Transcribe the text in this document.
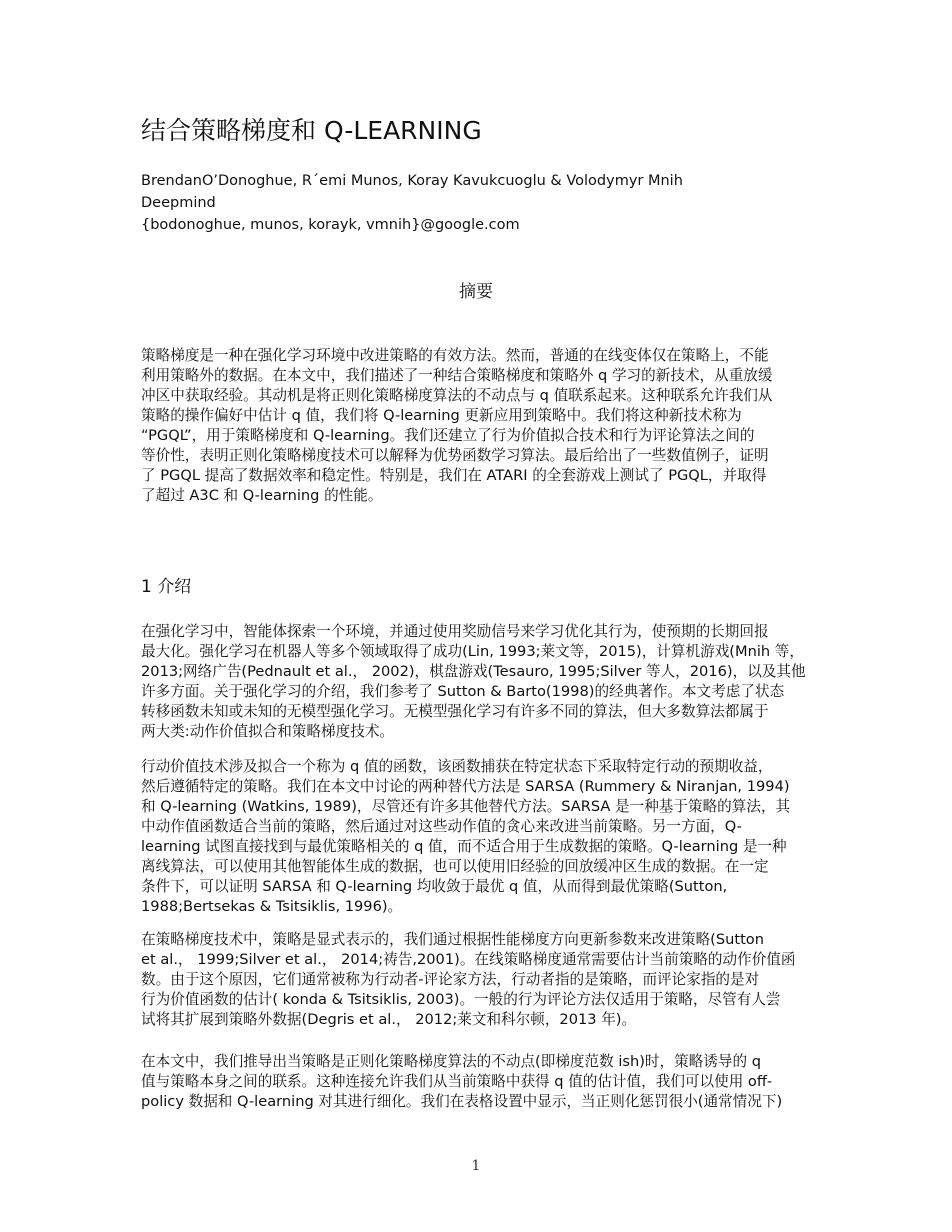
结合策略梯度和 Q-LEARNING
BrendanO’Donoghue, R´emi Munos, Koray Kavukcuoglu & Volodymyr Mnih
Deepmind
{bodonoghue, munos, korayk, vmnih}@google.com
摘要
策略梯度是一种在强化学习环境中改进策略的有效方法。然而，普通的在线变体仅在策略上，不能
利用策略外的数据。在本文中，我们描述了一种结合策略梯度和策略外 q 学习的新技术，从重放缓
冲区中获取经验。其动机是将正则化策略梯度算法的不动点与 q 值联系起来。这种联系允许我们从
策略的操作偏好中估计 q 值，我们将 Q-learning 更新应用到策略中。我们将这种新技术称为
“PGQL”，用于策略梯度和 Q-learning。我们还建立了行为价值拟合技术和行为评论算法之间的
等价性，表明正则化策略梯度技术可以解释为优势函数学习算法。最后给出了一些数值例子，证明
了 PGQL 提高了数据效率和稳定性。特别是，我们在 ATARI 的全套游戏上测试了 PGQL，并取得
了超过 A3C 和 Q-learning 的性能。
1 介绍
在强化学习中，智能体探索一个环境，并通过使用奖励信号来学习优化其行为，使预期的长期回报
最大化。强化学习在机器人等多个领域取得了成功(Lin, 1993;莱文等，2015)，计算机游戏(Mnih 等，
2013;网络广告(Pednault et al.， 2002)，棋盘游戏(Tesauro, 1995;Silver 等人，2016)，以及其他
许多方面。关于强化学习的介绍，我们参考了 Sutton & Barto(1998)的经典著作。本文考虑了状态
转移函数未知或未知的无模型强化学习。无模型强化学习有许多不同的算法，但大多数算法都属于
两大类:动作价值拟合和策略梯度技术。
行动价值技术涉及拟合一个称为 q 值的函数，该函数捕获在特定状态下采取特定行动的预期收益，
然后遵循特定的策略。我们在本文中讨论的两种替代方法是 SARSA (Rummery & Niranjan, 1994)
和 Q-learning (Watkins, 1989)，尽管还有许多其他替代方法。SARSA 是一种基于策略的算法，其
中动作值函数适合当前的策略，然后通过对这些动作值的贪心来改进当前策略。另一方面，Q-
learning 试图直接找到与最优策略相关的 q 值，而不适合用于生成数据的策略。Q-learning 是一种
离线算法，可以使用其他智能体生成的数据，也可以使用旧经验的回放缓冲区生成的数据。在一定
条件下，可以证明 SARSA 和 Q-learning 均收敛于最优 q 值，从而得到最优策略(Sutton,
1988;Bertsekas & Tsitsiklis, 1996)。
在策略梯度技术中，策略是显式表示的，我们通过根据性能梯度方向更新参数来改进策略(Sutton
et al.， 1999;Silver et al.， 2014;祷告,2001)。在线策略梯度通常需要估计当前策略的动作价值函
数。由于这个原因，它们通常被称为行动者-评论家方法，行动者指的是策略，而评论家指的是对
行为价值函数的估计( konda & Tsitsiklis, 2003)。一般的行为评论方法仅适用于策略，尽管有人尝
试将其扩展到策略外数据(Degris et al.， 2012;莱文和科尔顿，2013 年)。
在本文中，我们推导出当策略是正则化策略梯度算法的不动点(即梯度范数 ish)时，策略诱导的 q
值与策略本身之间的联系。这种连接允许我们从当前策略中获得 q 值的估计值，我们可以使用 off-
policy 数据和 Q-learning 对其进行细化。我们在表格设置中显示，当正则化惩罚很小(通常情况下)
1
